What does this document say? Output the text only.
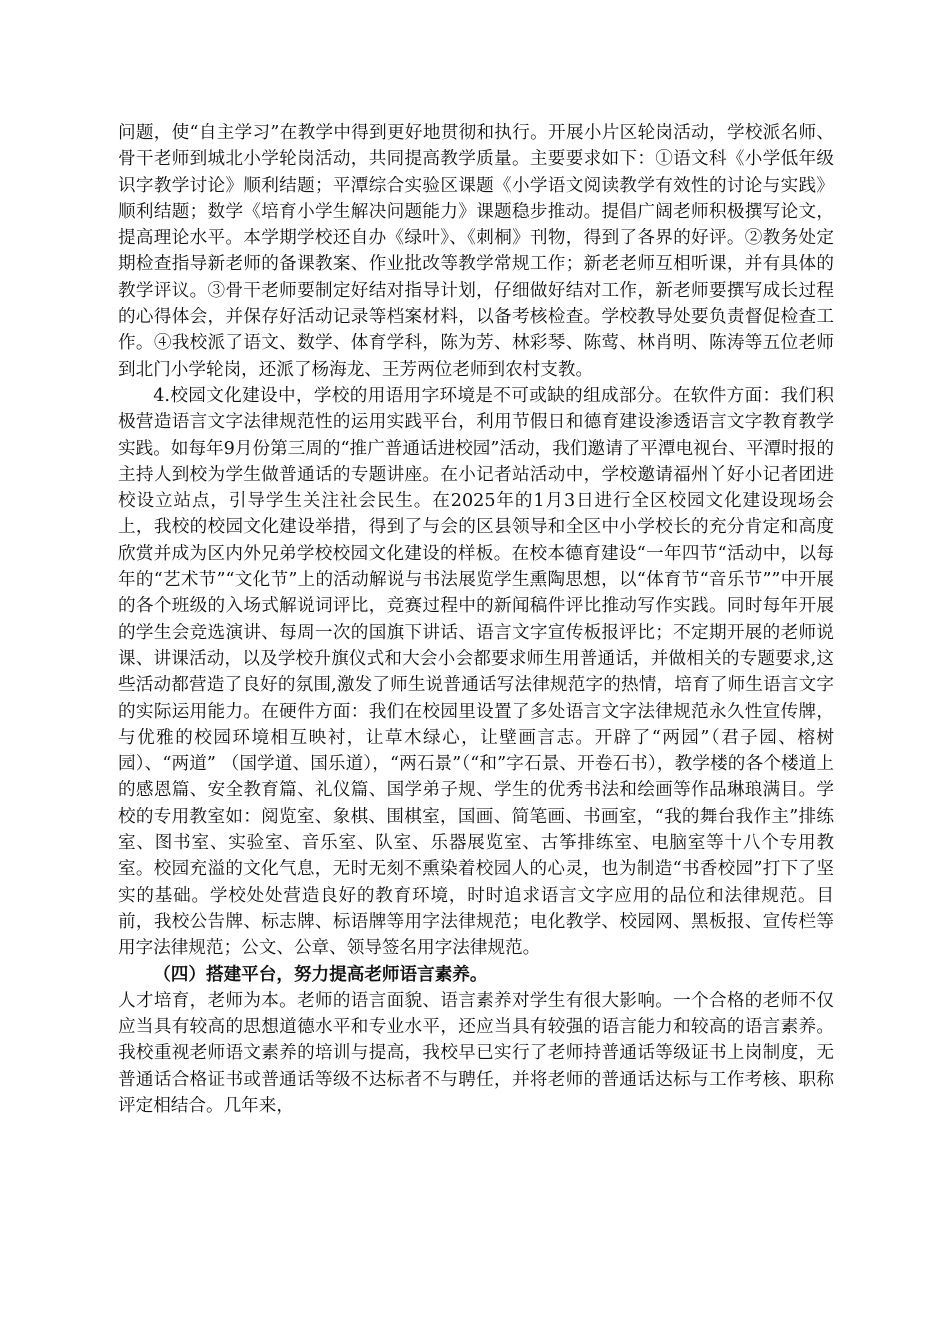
问题，使“自主学习”在教学中得到更好地贯彻和执行。开展小片区轮岗活动，学校派名师、骨干老师到城北小学轮岗活动，共同提高教学质量。主要要求如下：①语文科《小学低年级识字教学讨论》顺利结题；平潭综合实验区课题《小学语文阅读教学有效性的讨论与实践》顺利结题；数学《培育小学生解决问题能力》课题稳步推动。提倡广阔老师积极撰写论文，提高理论水平。本学期学校还自办《绿叶》、《刺桐》刊物，得到了各界的好评。②教务处定期检查指导新老师的备课教案、作业批改等教学常规工作；新老老师互相听课，并有具体的教学评议。③骨干老师要制定好结对指导计划，仔细做好结对工作，新老师要撰写成长过程的心得体会，并保存好活动记录等档案材料，以备考核检查。学校教导处要负责督促检查工作。④我校派了语文、数学、体育学科，陈为芳、林彩琴、陈莺、林肖明、陈涛等五位老师到北门小学轮岗，还派了杨海龙、王芳两位老师到农村支教。

4.校园文化建设中，学校的用语用字环境是不可或缺的组成部分。在软件方面：我们积极营造语言文字法律规范性的运用实践平台，利用节假日和德育建设渗透语言文字教育教学实践。如每年9月份第三周的“推广普通话进校园”活动，我们邀请了平潭电视台、平潭时报的主持人到校为学生做普通话的专题讲座。在小记者站活动中，学校邀请福州丫好小记者团进校设立站点，引导学生关注社会民生。在2025年的1月3日进行全区校园文化建设现场会上，我校的校园文化建设举措，得到了与会的区县领导和全区中小学校长的充分肯定和高度欣赏并成为区内外兄弟学校校园文化建设的样板。在校本德育建设“一年四节“活动中，以每年的“艺术节”“文化节”上的活动解说与书法展览学生熏陶思想，以“体育节“音乐节””中开展的各个班级的入场式解说词评比，竞赛过程中的新闻稿件评比推动写作实践。同时每年开展的学生会竞选演讲、每周一次的国旗下讲话、语言文字宣传板报评比；不定期开展的老师说课、讲课活动，以及学校升旗仪式和大会小会都要求师生用普通话，并做相关的专题要求,这些活动都营造了良好的氛围,激发了师生说普通话写法律规范字的热情，培育了师生语言文字的实际运用能力。在硬件方面：我们在校园里设置了多处语言文字法律规范永久性宣传牌，与优雅的校园环境相互映衬，让草木绿心，让壁画言志。开辟了“两园”（君子园、榕树园）、“两道” （国学道、国乐道），“两石景”（“和”字石景、开卷石书），教学楼的各个楼道上的感恩篇、安全教育篇、礼仪篇、国学弟子规、学生的优秀书法和绘画等作品琳琅满目。学校的专用教室如：阅览室、象棋、围棋室，国画、简笔画、书画室，“我的舞台我作主”排练室、图书室、实验室、音乐室、队室、乐器展览室、古筝排练室、电脑室等十八个专用教室。校园充溢的文化气息，无时无刻不熏染着校园人的心灵，也为制造“书香校园”打下了坚实的基础。学校处处营造良好的教育环境，时时追求语言文字应用的品位和法律规范。目前，我校公告牌、标志牌、标语牌等用字法律规范；电化教学、校园网、黑板报、宣传栏等用字法律规范；公文、公章、领导签名用字法律规范。

（四）搭建平台，努力提高老师语言素养。

人才培育，老师为本。老师的语言面貌、语言素养对学生有很大影响。一个合格的老师不仅应当具有较高的思想道德水平和专业水平，还应当具有较强的语言能力和较高的语言素养。我校重视老师语文素养的培训与提高，我校早已实行了老师持普通话等级证书上岗制度，无普通话合格证书或普通话等级不达标者不与聘任，并将老师的普通话达标与工作考核、职称评定相结合。几年来，
